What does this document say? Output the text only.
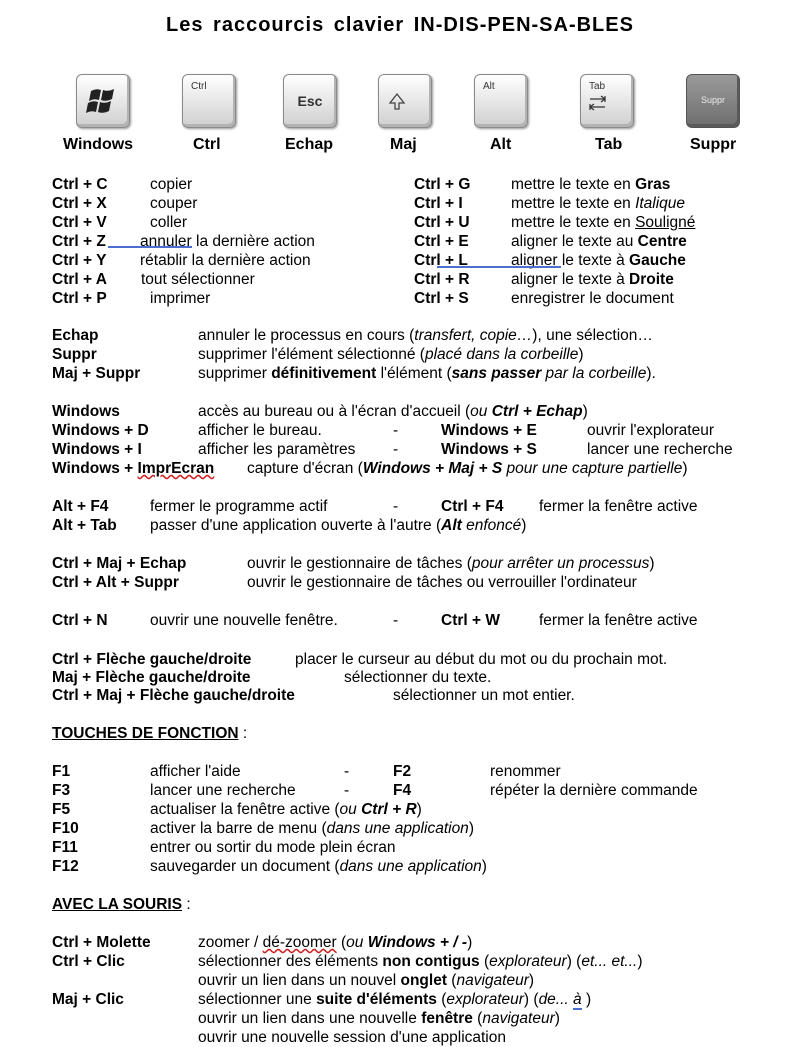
Les raccourcis clavier IN-DIS-PEN-SA-BLES
Ctrl
Esc
Alt	Tab
Suppr
Windows	Ctrl	Echap	Maj	Alt	Tab	Suppr
Ctrl + C	copier
Ctrl + X	couper
Ctrl + V	coller
Ctrl + Z annuler la dernière action
Ctrl + Y rétablir la dernière action
Ctrl + A tout sélectionner
Ctrl + P	imprimer
Ctrl + G	mettre le texte en Gras
Ctrl + I	mettre le texte en Italique
Ctrl + U	mettre le texte en Souligné
Ctrl + E	aligner le texte au Centre
Ctrl + L	aligner le texte à Gauche
Ctrl + R	aligner le texte à Droite
Ctrl + S	enregistrer le document
Echap	annuler le processus en cours (transfert, copie…), une sélection…
Suppr	supprimer l'élément sélectionné (placé dans la corbeille)
Maj + Suppr	supprimer définitivement l'élément (sans passer par la corbeille).
Windows	accès au bureau ou à l'écran d'accueil (ou Ctrl + Echap)
Windows + D	afficher le bureau.	-	Windows + E	ouvrir l'explorateur
Windows + I	afficher les paramètres -	Windows + S	lancer une recherche
Windows + ImprEcran capture d'écran (Windows + Maj + S pour une capture partielle)
Alt + F4	fermer le programme actif	-	Ctrl + F4 fermer la fenêtre active
Alt + Tab passer d'une application ouverte à l'autre (Alt enfoncé)
Ctrl + Maj + Echap	ouvrir le gestionnaire de tâches (pour arrêter un processus)
Ctrl + Alt + Suppr	ouvrir le gestionnaire de tâches ou verrouiller l'ordinateur
Ctrl + N	ouvrir une nouvelle fenêtre.	-	Ctrl + W	fermer la fenêtre active
Ctrl + Flèche gauche/droite	placer le curseur au début du mot ou du prochain mot.
Maj + Flèche gauche/droite	sélectionner du texte.
Ctrl + Maj + Flèche gauche/droite	sélectionner un mot entier.
TOUCHES DE FONCTION :
F1	afficher l'aide	-	F2	renommer
F3	lancer une recherche	-	F4	répéter la dernière commande
F5	actualiser la fenêtre active (ou Ctrl + R)
F10	activer la barre de menu (dans une application)
F11	entrer ou sortir du mode plein écran
F12	sauvegarder un document (dans une application)
AVEC LA SOURIS :
Ctrl + Molette	zoomer / dé-zoomer (ou Windows + / -)
Ctrl + Clic	sélectionner des éléments non contigus (explorateur) (et... et...)
ouvrir un lien dans un nouvel onglet (navigateur)
Maj + Clic	sélectionner une suite d'éléments (explorateur) (de... à )
ouvrir un lien dans une nouvelle fenêtre (navigateur)
ouvrir une nouvelle session d'une application
